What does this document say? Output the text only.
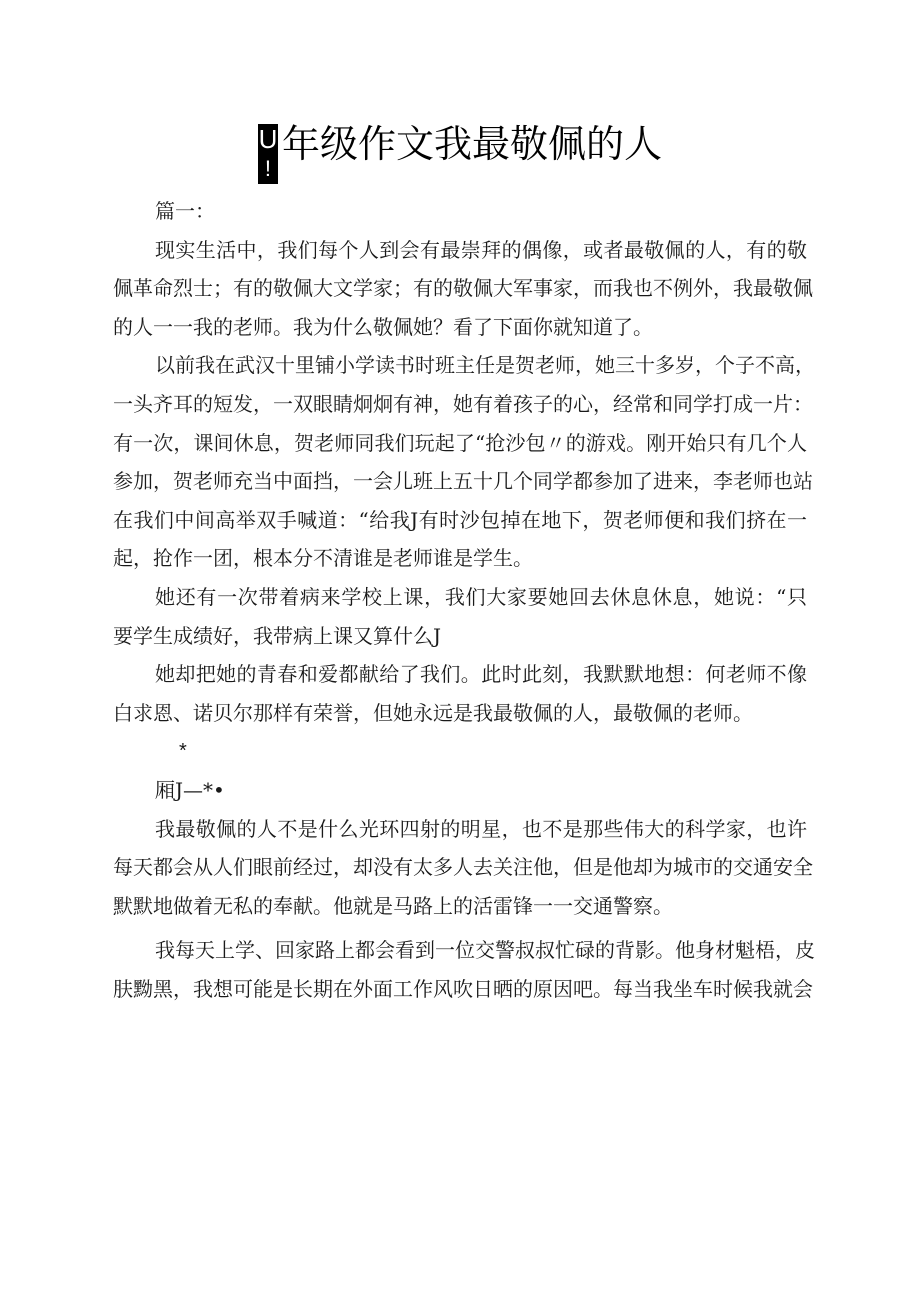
U
!
年级作文我最敬佩的人
篇一：
现实生活中，我们每个人到会有最崇拜的偶像，或者最敬佩的人，有的敬
佩革命烈士；有的敬佩大文学家；有的敬佩大军事家，而我也不例外，我最敬佩
的人一一我的老师。我为什么敬佩她？看了下面你就知道了。
以前我在武汉十里铺小学读书时班主任是贺老师，她三十多岁，个子不高，
一头齐耳的短发，一双眼睛炯炯有神，她有着孩子的心，经常和同学打成一片：
有一次，课间休息，贺老师同我们玩起了“抢沙包〃的游戏。刚开始只有几个人
参加，贺老师充当中面挡，一会儿班上五十几个同学都参加了进来，李老师也站
在我们中间高举双手喊道：“给我J有时沙包掉在地下，贺老师便和我们挤在一
起，抢作一团，根本分不清谁是老师谁是学生。
她还有一次带着病来学校上课，我们大家要她回去休息休息，她说：“只
要学生成绩好，我带病上课又算什么J
她却把她的青春和爱都献给了我们。此时此刻，我默默地想：何老师不像
白求恩、诺贝尔那样有荣誉，但她永远是我最敬佩的人，最敬佩的老师。
*
厢J—*•
我最敬佩的人不是什么光环四射的明星，也不是那些伟大的科学家，也许
每天都会从人们眼前经过，却没有太多人去关注他，但是他却为城市的交通安全
默默地做着无私的奉献。他就是马路上的活雷锋一一交通警察。
我每天上学、回家路上都会看到一位交警叔叔忙碌的背影。他身材魁梧，皮
肤黝黑，我想可能是长期在外面工作风吹日晒的原因吧。每当我坐车时候我就会
